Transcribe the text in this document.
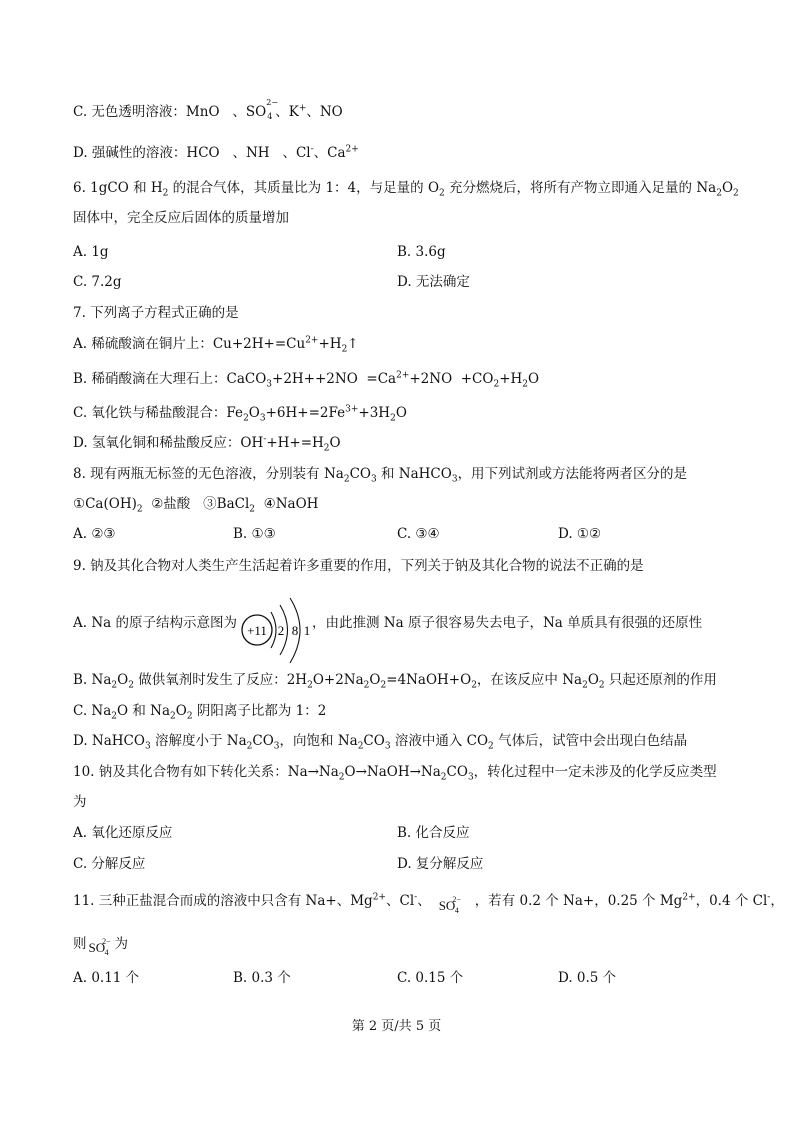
C. 无色透明溶液：MnO 、SO
2−
4 、K+、NO
D. 强碱性的溶液：HCO 、NH 、Cl-、$Ca^{2+}$
6. 1gCO 和 $H_2$ 的混合气体，其质量比为 1：4，与足量的 $O_2$ 充分燃烧后，将所有产物立即通入足量的 $Na_2O_2$
固体中，完全反应后固体的质量增加
A. 1g	B. 3.6g
C. 7.2g	D. 无法确定
7. 下列离子方程式正确的是
A. 稀硫酸滴在铜片上：$Cu+2H+=Cu^{2+}+H_2↑$
B. 稀硝酸滴在大理石上：CaCO$_3$+2H++2NO $=Ca^{2+}+2NO +CO_2+H_2O$
C. 氧化铁与稀盐酸混合：$Fe_2O_3+6H+=2Fe^{3+}+3H_2O$
D. 氢氧化铜和稀盐酸反应：$OH^-+H+=H_2O$
8. 现有两瓶无标签的无色溶液，分别装有 $Na_2CO_3$ 和 NaHCO$_3$，用下列试剂或方法能将两者区分的是
$①Ca(OH)_2$ ②盐酸 ③BaCl$_2$ ④NaOH
A. ②③	B. ①③	C. ③④	D. ①②
9. 钠及其化合物对人类生产生活起着许多重要的作用，下列关于钠及其化合物的说法不正确的是
A. Na 的原子结构示意图为 +11 2 8 1 ，由此推测 Na 原子很容易失去电子，Na 单质具有很强的还原性
B. $Na_2O_2$ 做供氧剂时发生了反应：$2H_2O+2Na_2O_2=4NaOH+O_2$，在该反应中 $Na_2O_2$ 只起还原剂的作用
C. $Na_2O$ 和 $Na_2O_2$ 阴阳离子比都为 1：2
D. NaHCO$_3$ 溶解度小于 $Na_2CO_3$，向饱和 $Na_2CO_3$ 溶液中通入 $CO_2$ 气体后，试管中会出现白色结晶
10. 钠及其化合物有如下转化关系：$Na\to Na_2O\to NaOH\to Na_2CO_3$，转化过程中一定未涉及的化学反应类型
为
A. 氧化还原反应	B. 化合反应
C. 分解反应	D. 复分解反应
11. 三种正盐混合而成的溶液中只含有 Na+、$Mg^{2+}$、Cl-、 $SO^{2-}_4$
，若有 0.2 个 Na+，0.25 个 $Mg^{2+}$，0.4 个 Cl-，
则 $SO^{2-}_4$
为
A. 0.11 个	B. 0.3 个	C. 0.15 个	D. 0.5 个
第 2 页/共 5 页
